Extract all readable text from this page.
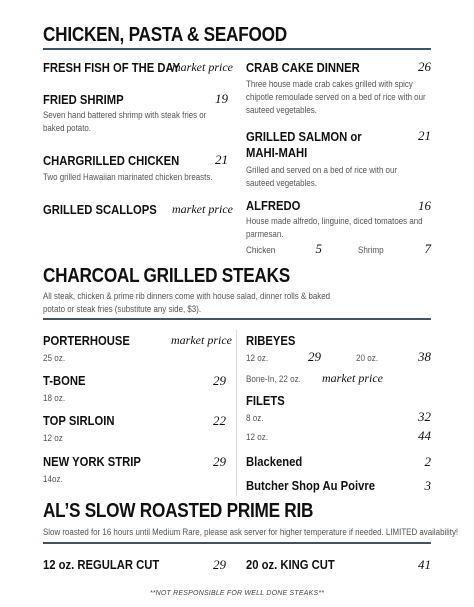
CHICKEN, PASTA & SEAFOOD
FRESH FISH OF THE DAY
market price
FRIED SHRIMP	19
Seven hand battered shrimp with steak fries or baked potato.
CHARGRILLED CHICKEN	21
Two grilled Hawaiian marinated chicken breasts.
GRILLED SCALLOPS market price
CRAB CAKE DINNER	26
Three house made crab cakes grilled with spicy chipotle remoulade served on a bed of rice with our sauteed vegetables.
GRILLED SALMON or
MAHI-MAHI
21
Grilled and served on a bed of rice with our sauteed vegetables.
ALFREDO	16
House made alfredo, linguine, diced tomatoes and parmesan.
Chicken	5	Shrimp	7
CHARCOAL GRILLED STEAKS
All steak, chicken & prime rib dinners come with house salad, dinner rolls & baked potato or steak fries (substitute any side, $3).
PORTERHOUSE	market price
25 oz.
T-BONE	29
18 oz.
TOP SIRLOIN	22
12 oz
NEW YORK STRIP	29
14oz.
RIBEYES
12 oz.	29	20 oz.	38
Bone-In, 22 oz. market price
FILETS
8 oz.	32
12 oz.	44
Blackened	2
Butcher Shop Au Poivre	3
AL’S SLOW ROASTED PRIME RIB
Slow roasted for 16 hours until Medium Rare, please ask server for higher temperature if needed. LIMITED availability!
12 oz. REGULAR CUT	29 20 oz. KING CUT	41
**NOT RESPONSIBLE FOR WELL DONE STEAKS**
